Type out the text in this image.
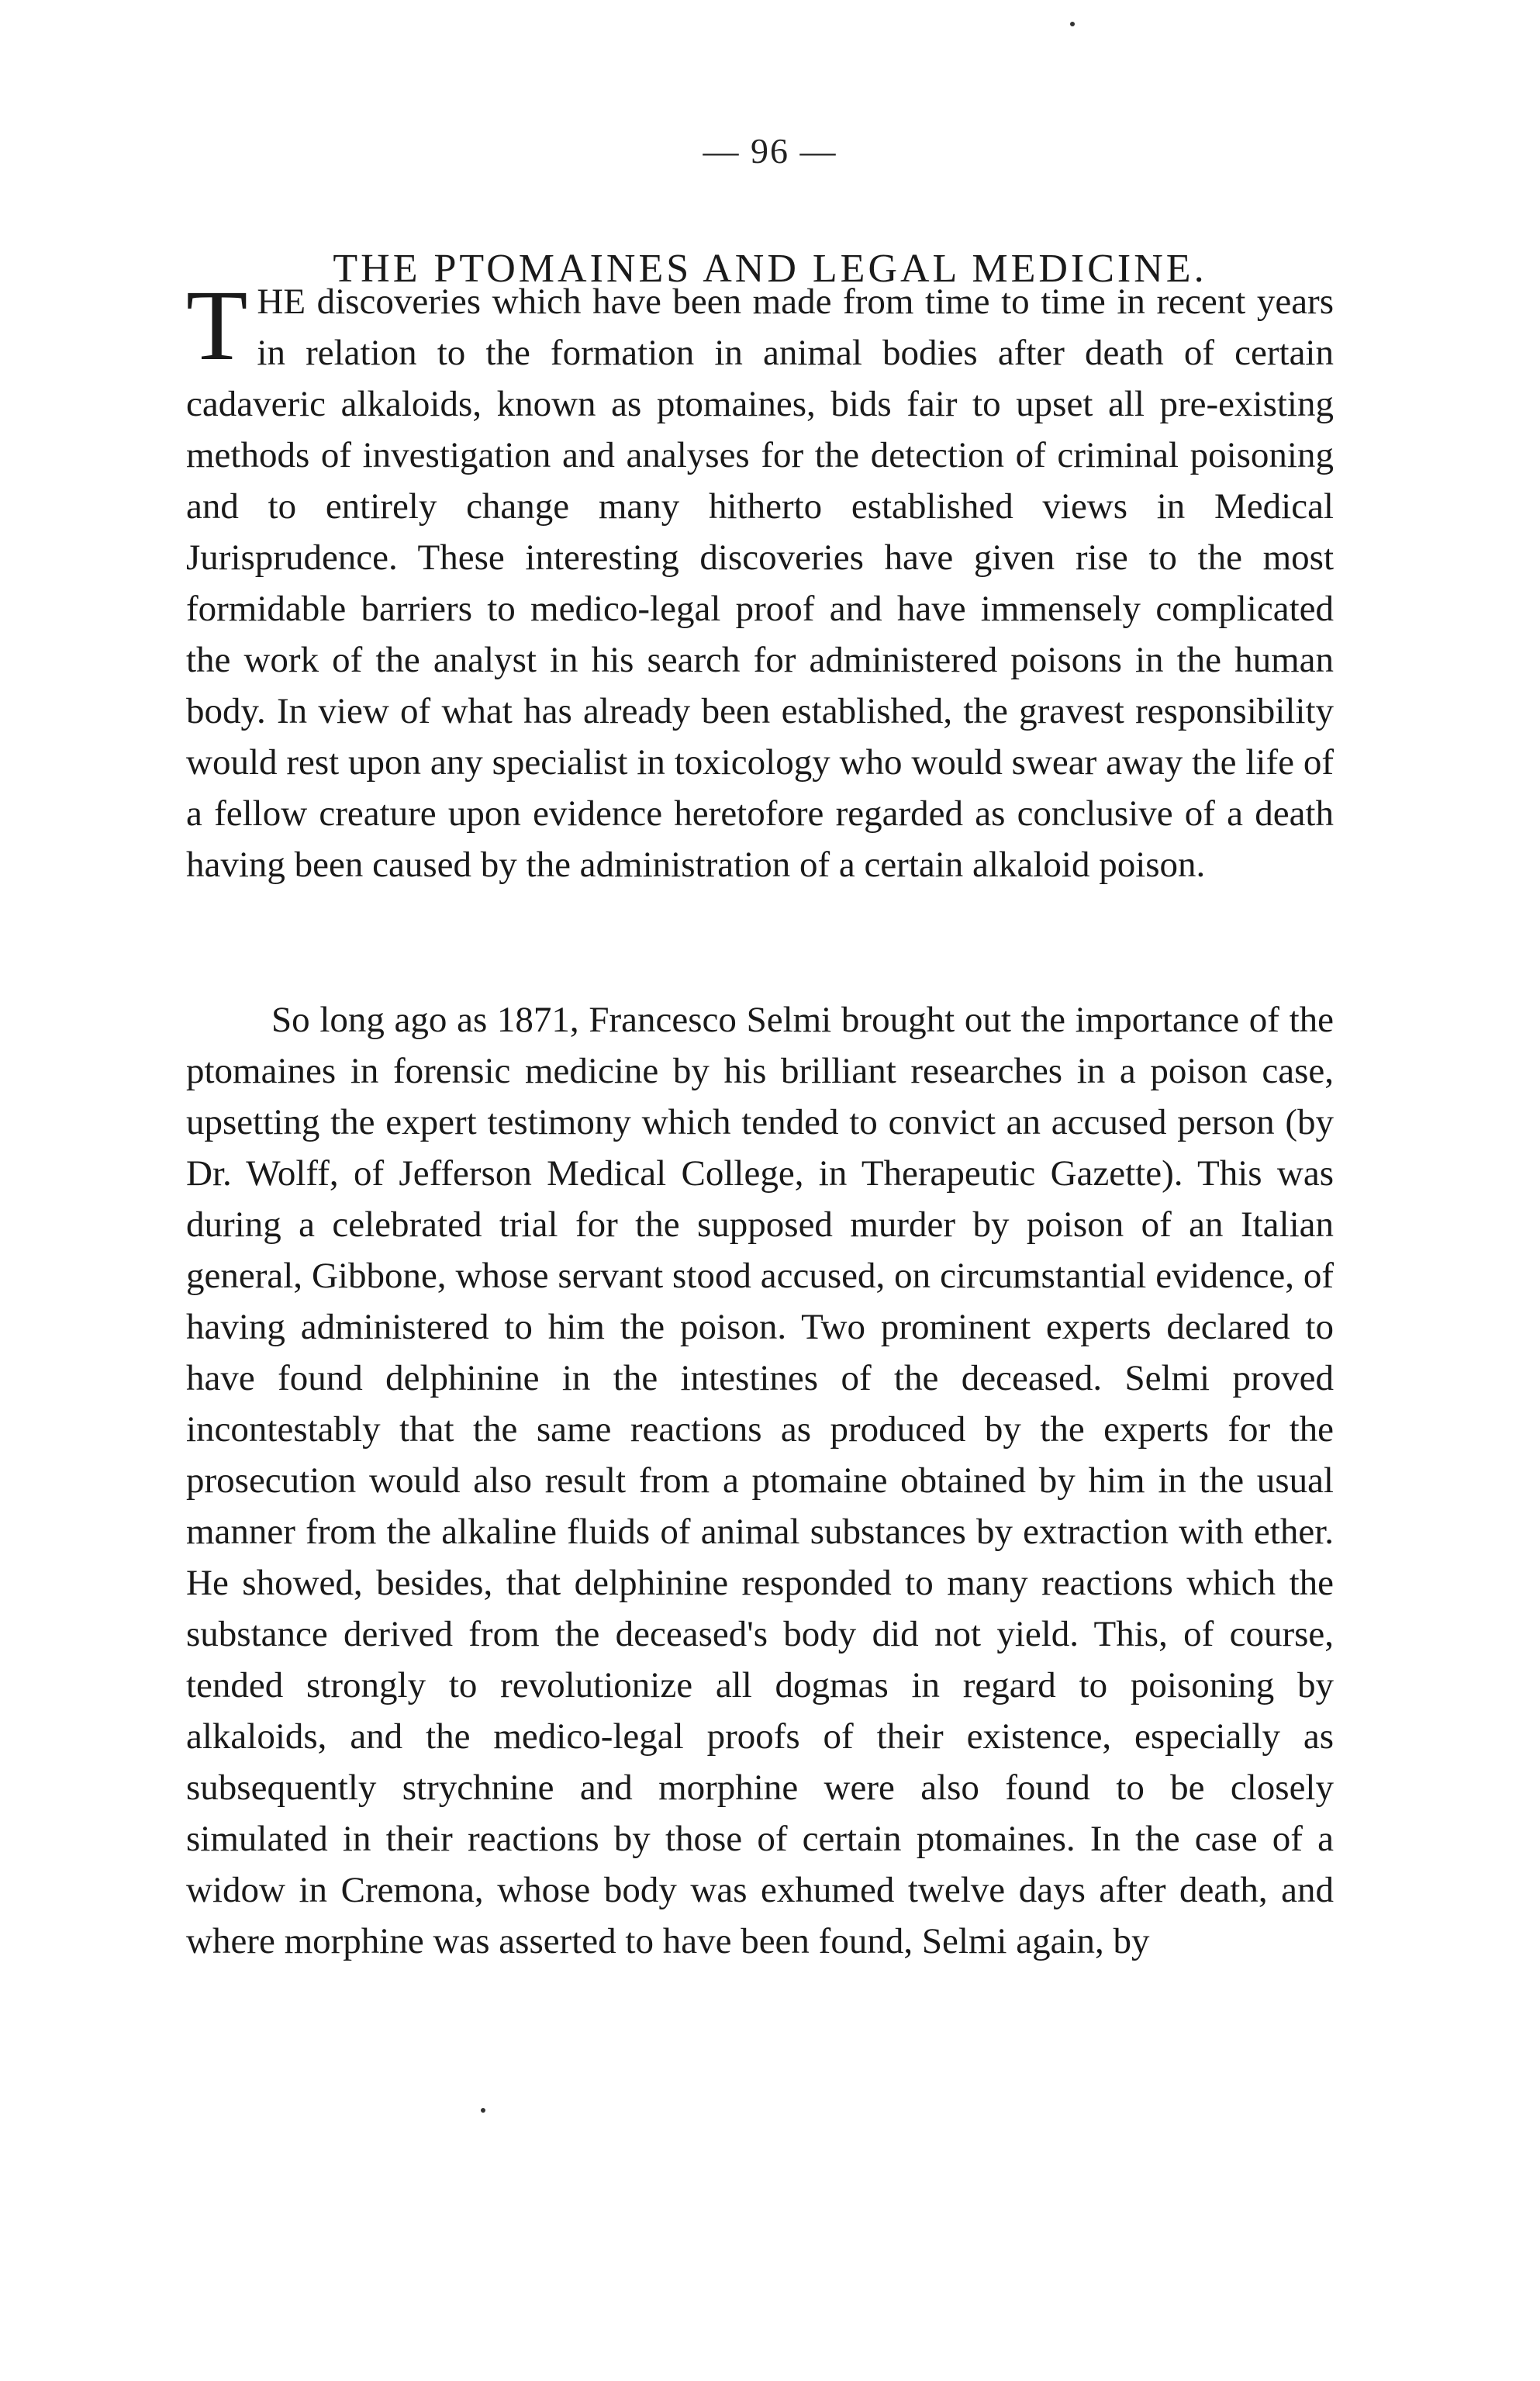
— 96 —
THE PTOMAINES AND LEGAL MEDICINE.

THE discoveries which have been made from time to time in recent years in relation to the formation in animal bodies after death of certain cadaveric alkaloids, known as ptomaines, bids fair to upset all pre-existing methods of investigation and analyses for the detection of criminal poisoning and to entirely change many hitherto established views in Medical Jurisprudence. These interesting discoveries have given rise to the most formidable barriers to medico-legal proof and have immensely complicated the work of the analyst in his search for administered poisons in the human body. In view of what has already been established, the gravest responsibility would rest upon any specialist in toxicology who would swear away the life of a fellow creature upon evidence heretofore regarded as conclusive of a death having been caused by the administration of a certain alkaloid poison.

So long ago as 1871, Francesco Selmi brought out the importance of the ptomaines in forensic medicine by his brilliant researches in a poison case, upsetting the expert testimony which tended to convict an accused person (by Dr. Wolff, of Jefferson Medical College, in Therapeutic Gazette). This was during a celebrated trial for the supposed murder by poison of an Italian general, Gibbone, whose servant stood accused, on circumstantial evidence, of having administered to him the poison. Two prominent experts declared to have found delphinine in the intestines of the deceased. Selmi proved incontestably that the same reactions as produced by the experts for the prosecution would also result from a ptomaine obtained by him in the usual manner from the alkaline fluids of animal substances by extraction with ether. He showed, besides, that delphinine responded to many reactions which the substance derived from the deceased's body did not yield. This, of course, tended strongly to revolutionize all dogmas in regard to poisoning by alkaloids, and the medico-legal proofs of their existence, especially as subsequently strychnine and morphine were also found to be closely simulated in their reactions by those of certain ptomaines. In the case of a widow in Cremona, whose body was exhumed twelve days after death, and where morphine was asserted to have been found, Selmi again, by
